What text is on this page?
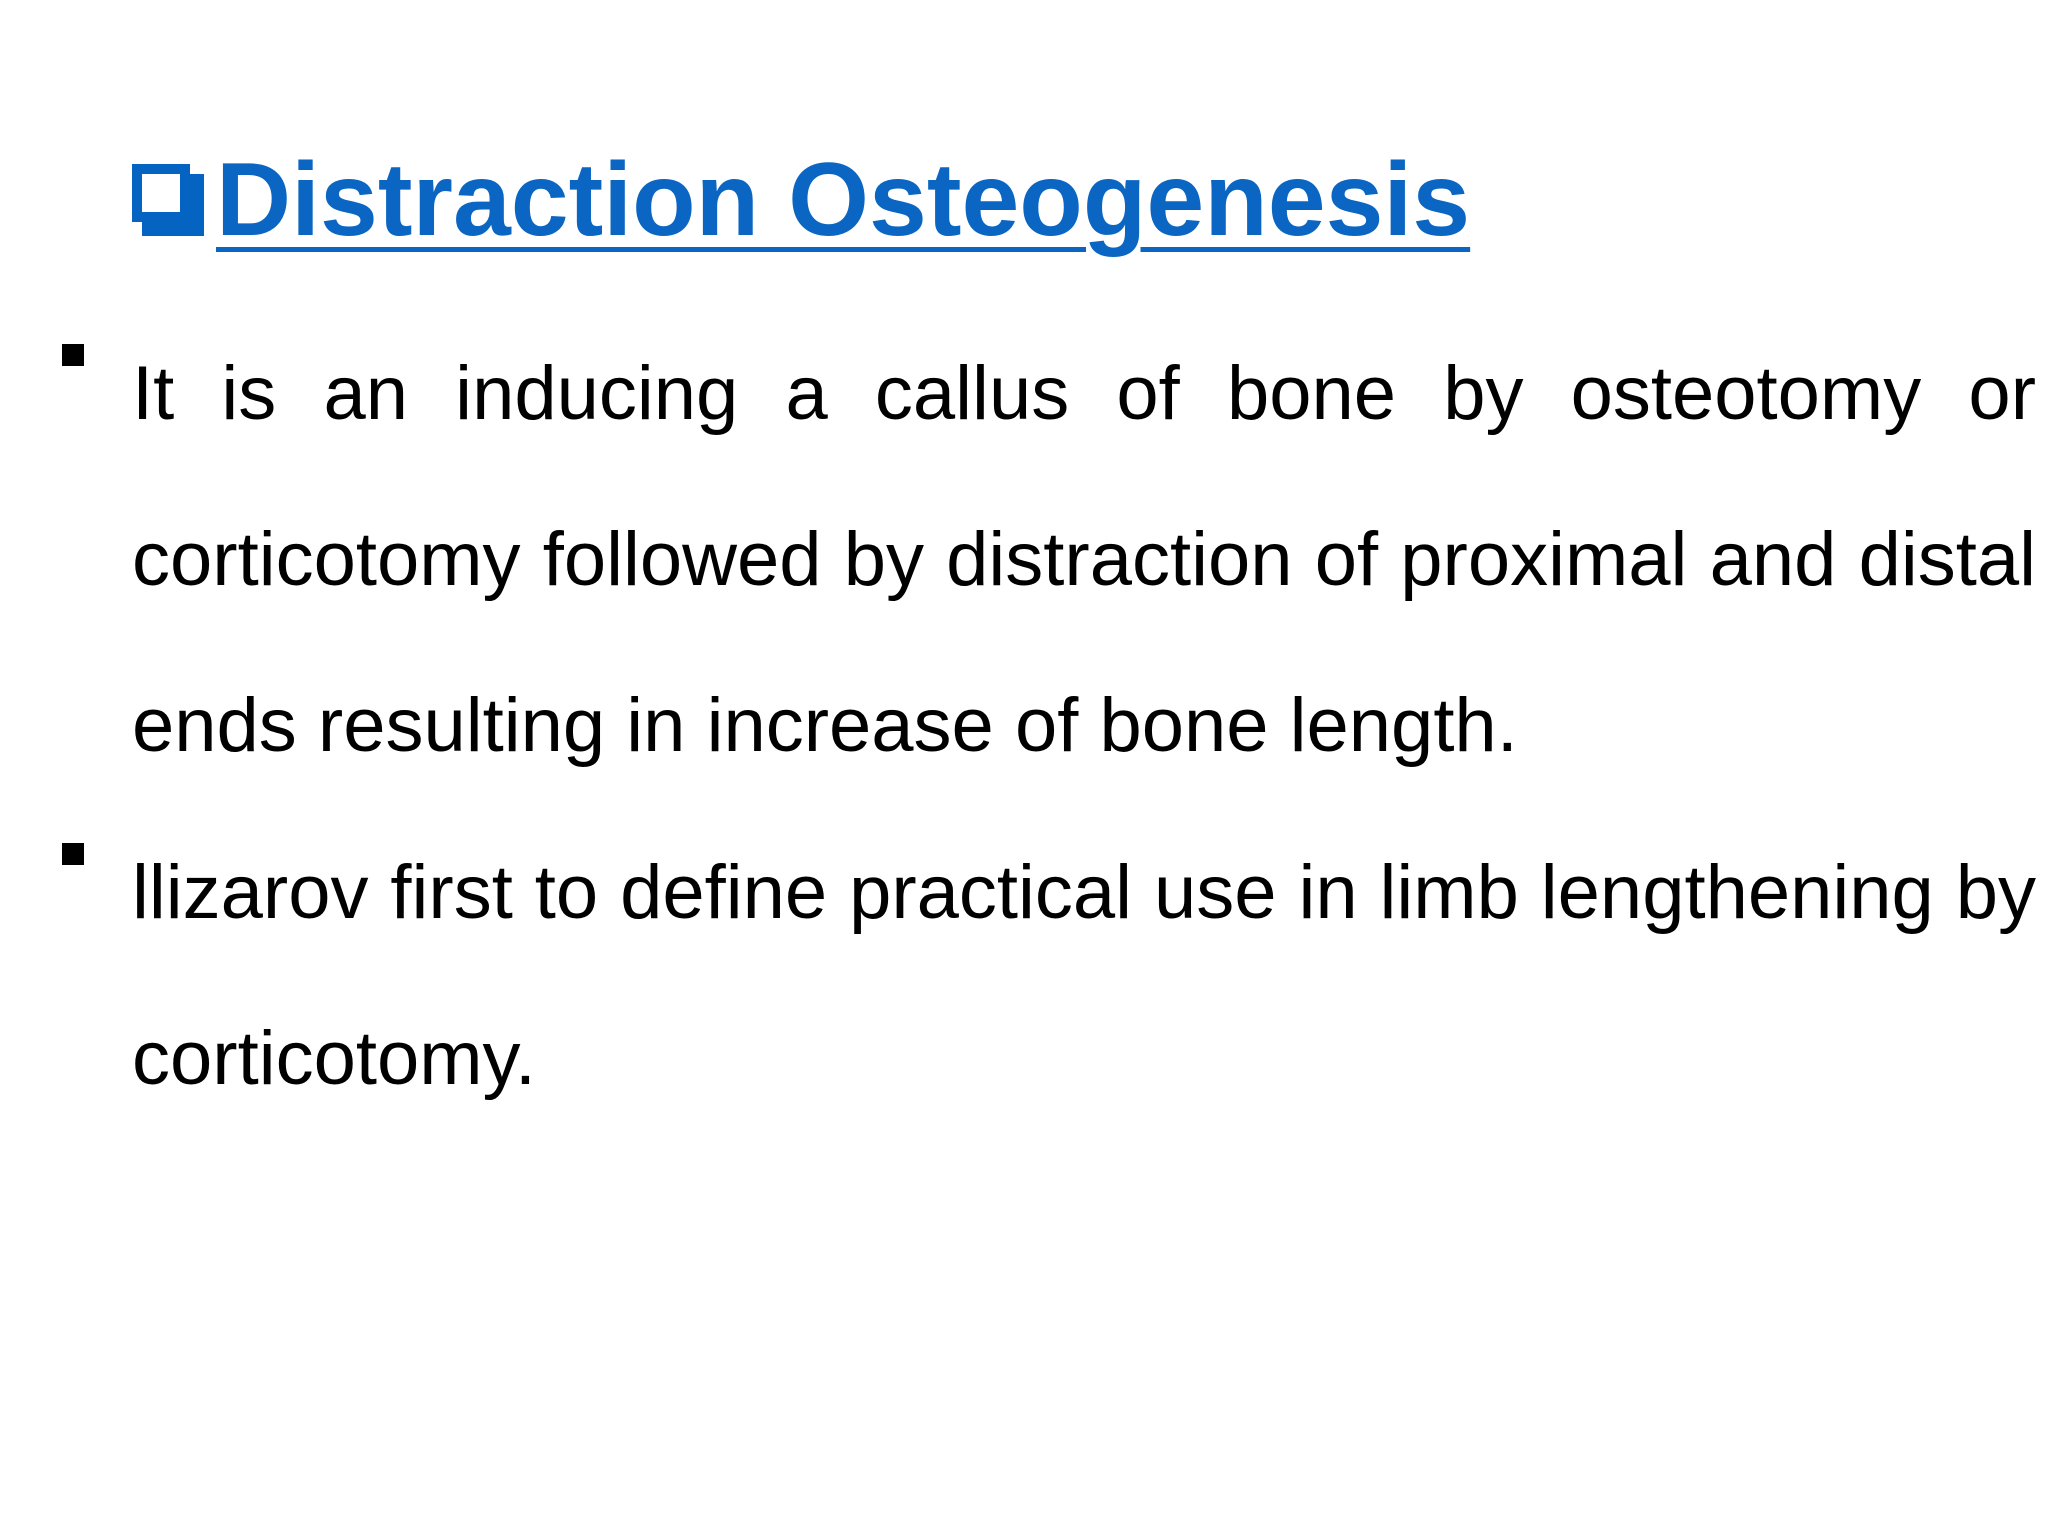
Distraction Osteogenesis
It is an inducing a callus of bone by osteotomy or corticotomy followed by distraction of proximal and distal ends resulting in increase of bone length.
llizarov first to define practical use in limb lengthening by corticotomy.
